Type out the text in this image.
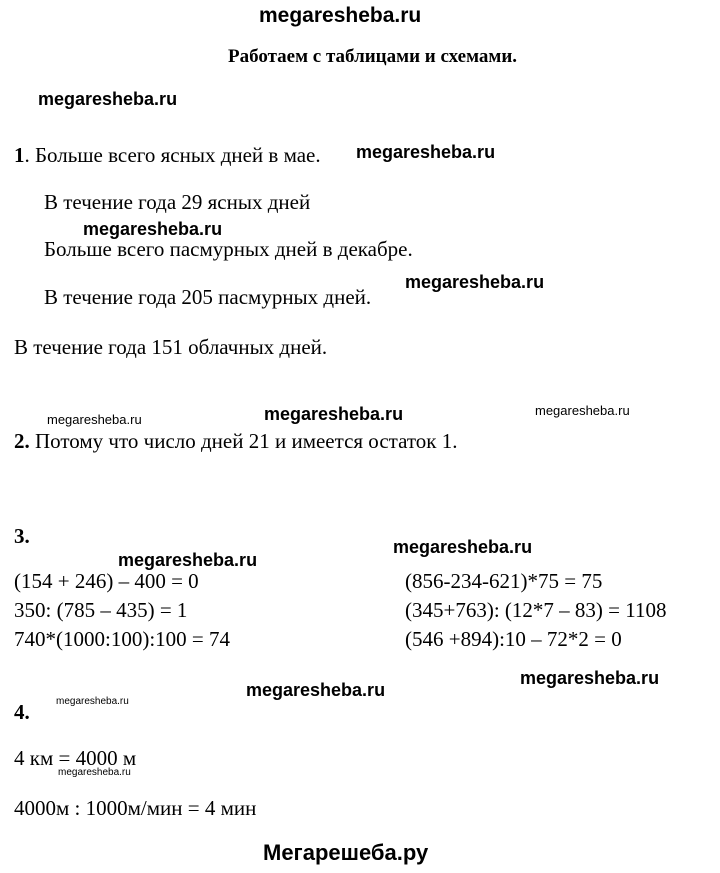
megaresheba.ru
megaresheba.ru
megaresheba.ru
megaresheba.ru
megaresheba.ru
megaresheba.ru	megaresheba.ru	megaresheba.ru
megaresheba.ru
megaresheba.ru
megaresheba.ru
megaresheba.ru
megaresheba.ru
megaresheba.ru
Мегарешеба.ру
Работаем с таблицами и схемами.
1. Больше всего ясных дней в мае.
В течение года 29 ясных дней
Больше всего пасмурных дней в декабре.
В течение года 205 пасмурных дней.
В течение года 151 облачных дней.
2. Потому что число дней 21 и имеется остаток 1.
3.
(154 + 246) – 400 = 0
350: (785 – 435) = 1
740*(1000:100):100 = 74
(856-234-621)*75 = 75
(345+763): (12*7 – 83) = 1108
(546 +894):10 – 72*2 = 0
4.
4 км = 4000 м
4000м : 1000м/мин = 4 мин
